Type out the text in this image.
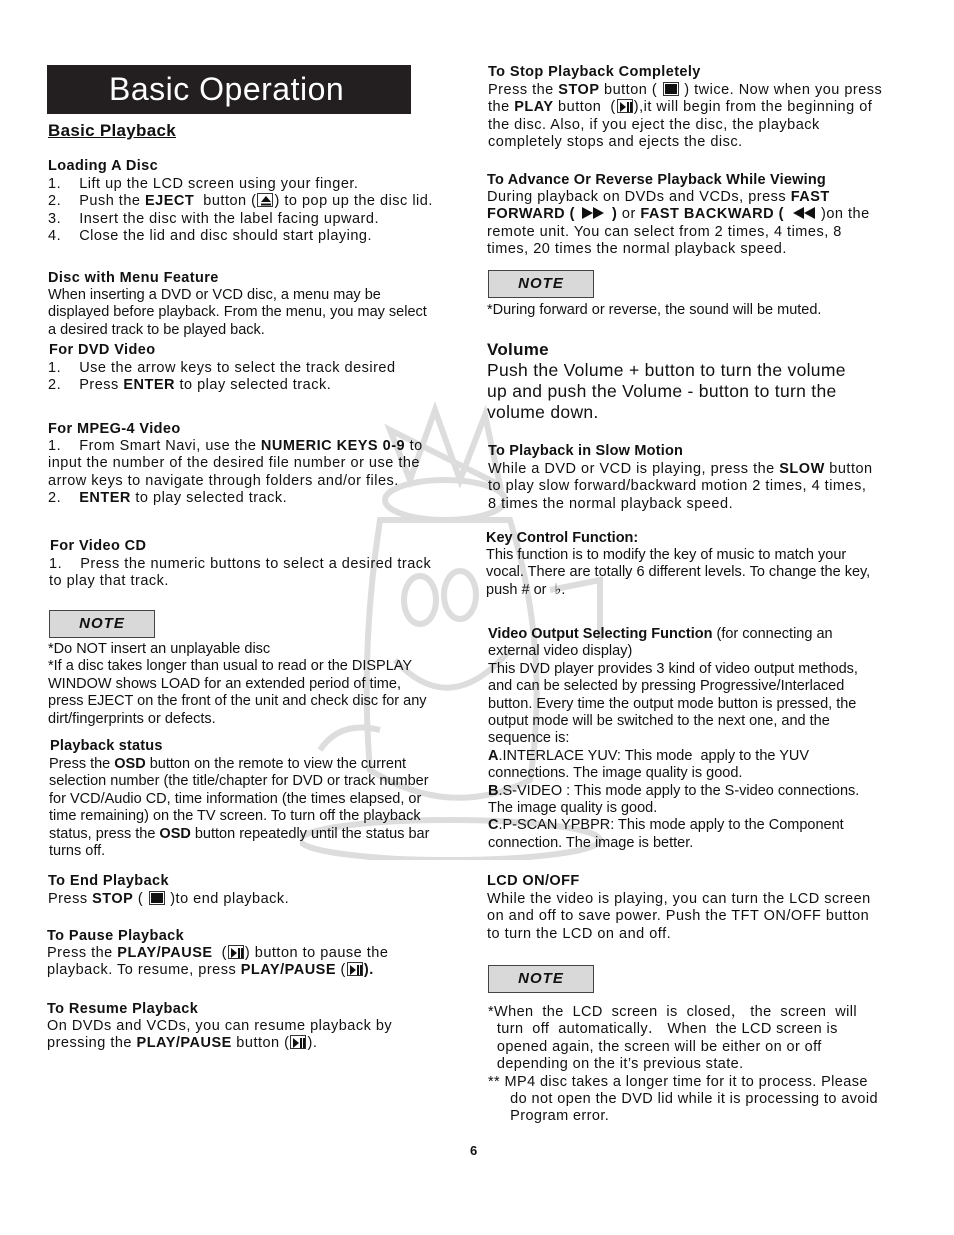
Basic Operation
Basic Playback
Loading A Disc
1.    Lift up the LCD screen using your finger.
2.    Push the EJECT  button ( ) to pop up the disc lid.
3.    Insert the disc with the label facing upward.
4.    Close the lid and disc should start playing.
Disc with Menu Feature
When inserting a DVD or VCD disc, a menu may be
displayed before playback. From the menu, you may select
a desired track to be played back.
For DVD Video
1.    Use the arrow keys to select the track desired
2.    Press ENTER to play selected track.
For MPEG-4 Video
1.    From Smart Navi, use the NUMERIC KEYS 0-9 to
input the number of the desired file number or use the
arrow keys to navigate through folders and/or files.
2.    ENTER to play selected track.
For Video CD
1.    Press the numeric buttons to select a desired track
to play that track.
NOTE
*Do NOT insert an unplayable disc
*If a disc takes longer than usual to read or the DISPLAY
WINDOW shows LOAD for an extended period of time,
press EJECT on the front of the unit and check disc for any
dirt/fingerprints or defects.
Playback status
Press the OSD button on the remote to view the current
selection number (the title/chapter for DVD or track number
for VCD/Audio CD, time information (the times elapsed, or
time remaining) on the TV screen. To turn off the playback
status, press the OSD button repeatedly until the status bar
turns off.
To End Playback
Press STOP (  )to end playback.
To Pause Playback
Press the PLAY/PAUSE  ( ) button to pause the
playback. To resume, press PLAY/PAUSE ( ).
To Resume Playback
On DVDs and VCDs, you can resume playback by
pressing the PLAY/PAUSE button ( ).
To Stop Playback Completely
Press the STOP button (  ) twice. Now when you press
the PLAY button  ( ),it will begin from the beginning of
the disc. Also, if you eject the disc, the playback
completely stops and ejects the disc.
To Advance Or Reverse Playback While Viewing
During playback on DVDs and VCDs, press FAST
FORWARD (  ) or FAST BACKWARD (  )on the
remote unit. You can select from 2 times, 4 times, 8
times, 20 times the normal playback speed.
NOTE
*During forward or reverse, the sound will be muted.
Volume
Push the Volume + button to turn the volume
up and push the Volume - button to turn the
volume down.
To Playback in Slow Motion
While a DVD or VCD is playing, press the SLOW button
to play slow forward/backward motion 2 times, 4 times,
8 times the normal playback speed.
Key Control Function:
This function is to modify the key of music to match your
vocal. There are totally 6 different levels. To change the key,
push # or  ♭.
Video Output Selecting Function (for connecting an
external video display)
This DVD player provides 3 kind of video output methods,
and can be selected by pressing Progressive/Interlaced
button. Every time the output mode button is pressed, the
output mode will be switched to the next one, and the
sequence is:
A.INTERLACE YUV: This mode  apply to the YUV
connections. The image quality is good.
B.S-VIDEO : This mode apply to the S-video connections.
The image quality is good.
C.P-SCAN YPBPR: This mode apply to the Component
connection. The image is better.
LCD ON/OFF
While the video is playing, you can turn the LCD screen
on and off to save power. Push the TFT ON/OFF button
to turn the LCD on and off.
NOTE
*When  the  LCD  screen  is  closed， the  screen  will
turn  off  automatically． When  the LCD screen is
opened again, the screen will be either on or off
depending on the it’s previous state.
** MP4 disc takes a longer time for it to process. Please
do not open the DVD lid while it is processing to avoid
Program error.
6
